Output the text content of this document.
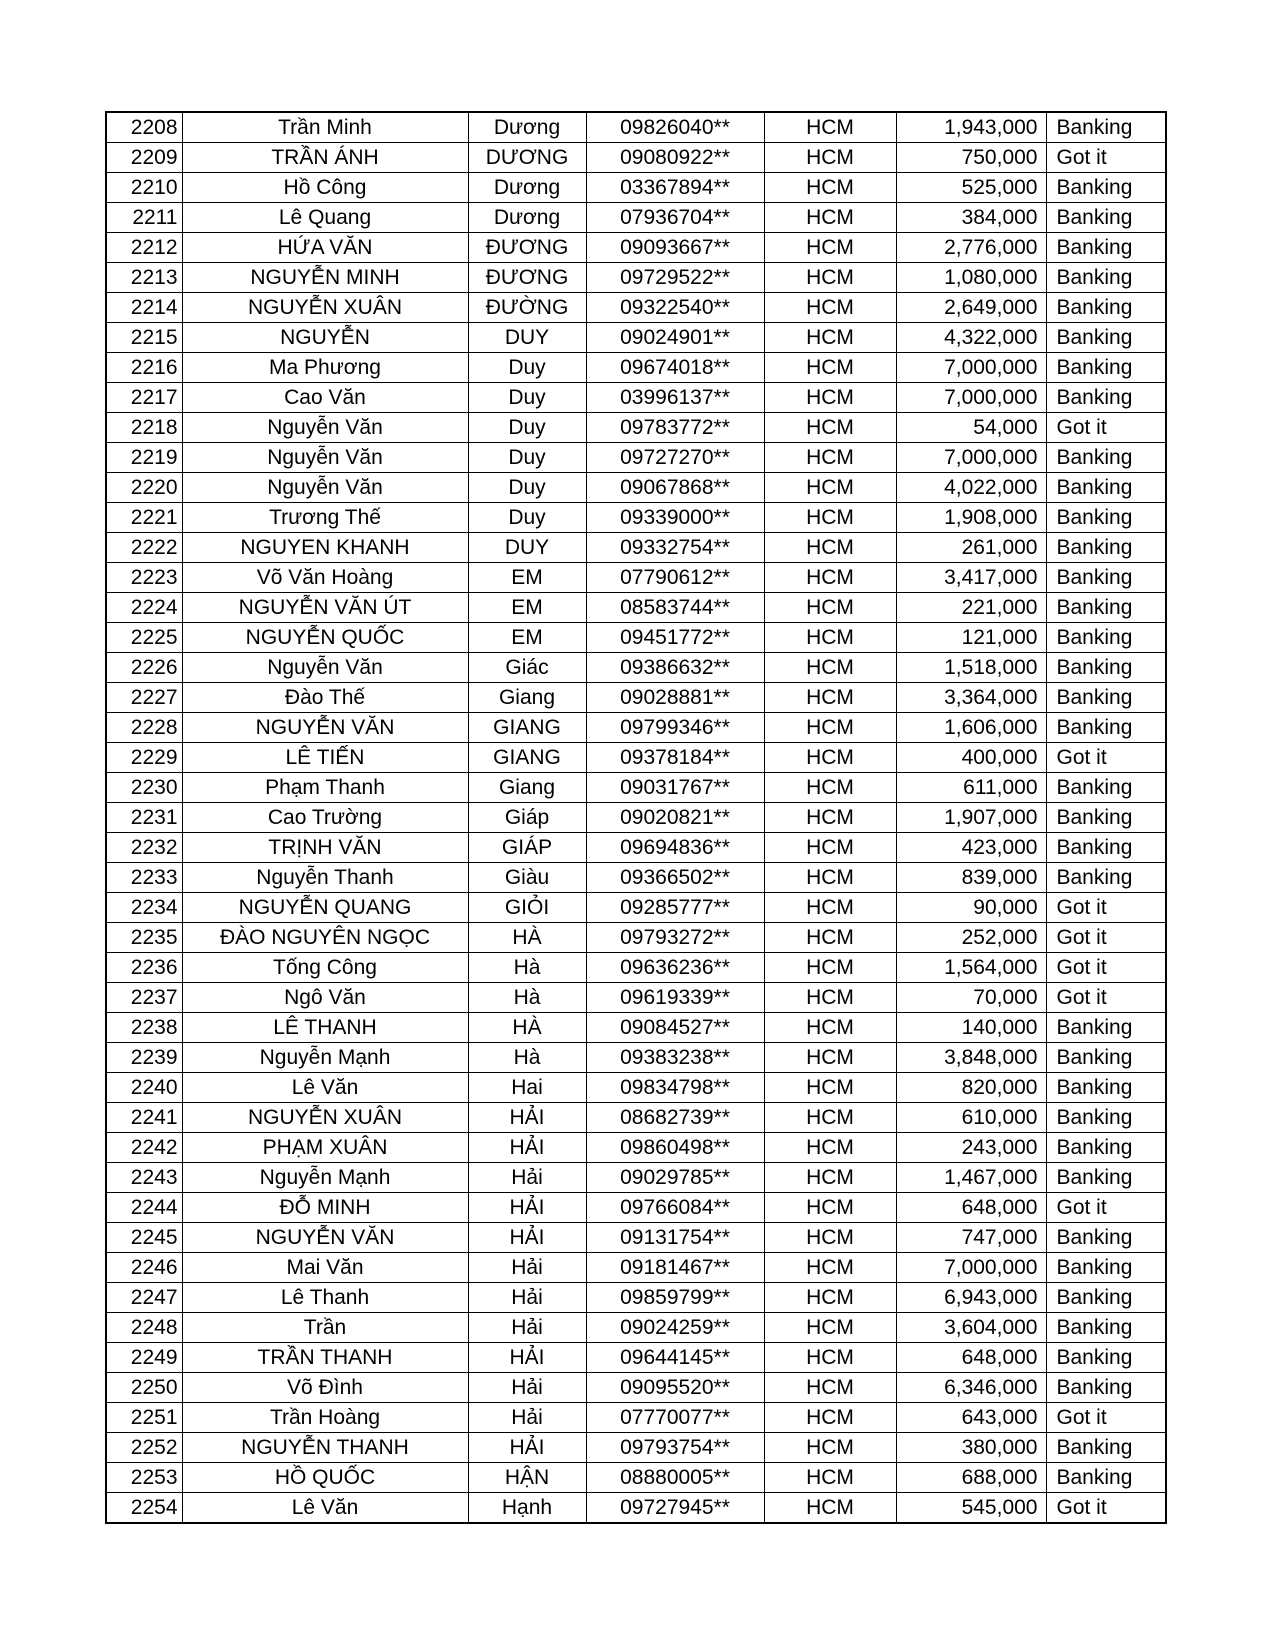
2208	Trần Minh	Dương	09826040**	HCM	1,943,000	Banking
2209	TRẦN ÁNH	DƯƠNG	09080922**	HCM	750,000	Got it
2210	Hồ Công	Dương	03367894**	HCM	525,000	Banking
2211	Lê Quang	Dương	07936704**	HCM	384,000	Banking
2212	HỨA VĂN	ĐƯƠNG	09093667**	HCM	2,776,000	Banking
2213	NGUYỄN MINH	ĐƯƠNG	09729522**	HCM	1,080,000	Banking
2214	NGUYỄN XUÂN	ĐƯỜNG	09322540**	HCM	2,649,000	Banking
2215	NGUYỄN	DUY	09024901**	HCM	4,322,000	Banking
2216	Ma Phương	Duy	09674018**	HCM	7,000,000	Banking
2217	Cao Văn	Duy	03996137**	HCM	7,000,000	Banking
2218	Nguyễn Văn	Duy	09783772**	HCM	54,000	Got it
2219	Nguyễn Văn	Duy	09727270**	HCM	7,000,000	Banking
2220	Nguyễn Văn	Duy	09067868**	HCM	4,022,000	Banking
2221	Trương Thế	Duy	09339000**	HCM	1,908,000	Banking
2222	NGUYEN KHANH	DUY	09332754**	HCM	261,000	Banking
2223	Võ Văn Hoàng	EM	07790612**	HCM	3,417,000	Banking
2224	NGUYỄN VĂN ÚT	EM	08583744**	HCM	221,000	Banking
2225	NGUYỄN QUỐC	EM	09451772**	HCM	121,000	Banking
2226	Nguyễn Văn	Giác	09386632**	HCM	1,518,000	Banking
2227	Đào Thế	Giang	09028881**	HCM	3,364,000	Banking
2228	NGUYỄN VĂN	GIANG	09799346**	HCM	1,606,000	Banking
2229	LÊ TIẾN	GIANG	09378184**	HCM	400,000	Got it
2230	Phạm Thanh	Giang	09031767**	HCM	611,000	Banking
2231	Cao Trường	Giáp	09020821**	HCM	1,907,000	Banking
2232	TRỊNH VĂN	GIÁP	09694836**	HCM	423,000	Banking
2233	Nguyễn Thanh	Giàu	09366502**	HCM	839,000	Banking
2234	NGUYỄN QUANG	GIỎI	09285777**	HCM	90,000	Got it
2235	ĐÀO NGUYÊN NGỌC	HÀ	09793272**	HCM	252,000	Got it
2236	Tống Công	Hà	09636236**	HCM	1,564,000	Got it
2237	Ngô Văn	Hà	09619339**	HCM	70,000	Got it
2238	LÊ THANH	HÀ	09084527**	HCM	140,000	Banking
2239	Nguyễn Mạnh	Hà	09383238**	HCM	3,848,000	Banking
2240	Lê Văn	Hai	09834798**	HCM	820,000	Banking
2241	NGUYỄN XUÂN	HẢI	08682739**	HCM	610,000	Banking
2242	PHẠM XUÂN	HẢI	09860498**	HCM	243,000	Banking
2243	Nguyễn Mạnh	Hải	09029785**	HCM	1,467,000	Banking
2244	ĐỖ MINH	HẢI	09766084**	HCM	648,000	Got it
2245	NGUYỄN VĂN	HẢI	09131754**	HCM	747,000	Banking
2246	Mai Văn	Hải	09181467**	HCM	7,000,000	Banking
2247	Lê Thanh	Hải	09859799**	HCM	6,943,000	Banking
2248	Trần	Hải	09024259**	HCM	3,604,000	Banking
2249	TRẦN THANH	HẢI	09644145**	HCM	648,000	Banking
2250	Võ Đình	Hải	09095520**	HCM	6,346,000	Banking
2251	Trần Hoàng	Hải	07770077**	HCM	643,000	Got it
2252	NGUYỄN THANH	HẢI	09793754**	HCM	380,000	Banking
2253	HỒ QUỐC	HẬN	08880005**	HCM	688,000	Banking
2254	Lê Văn	Hạnh	09727945**	HCM	545,000	Got it
